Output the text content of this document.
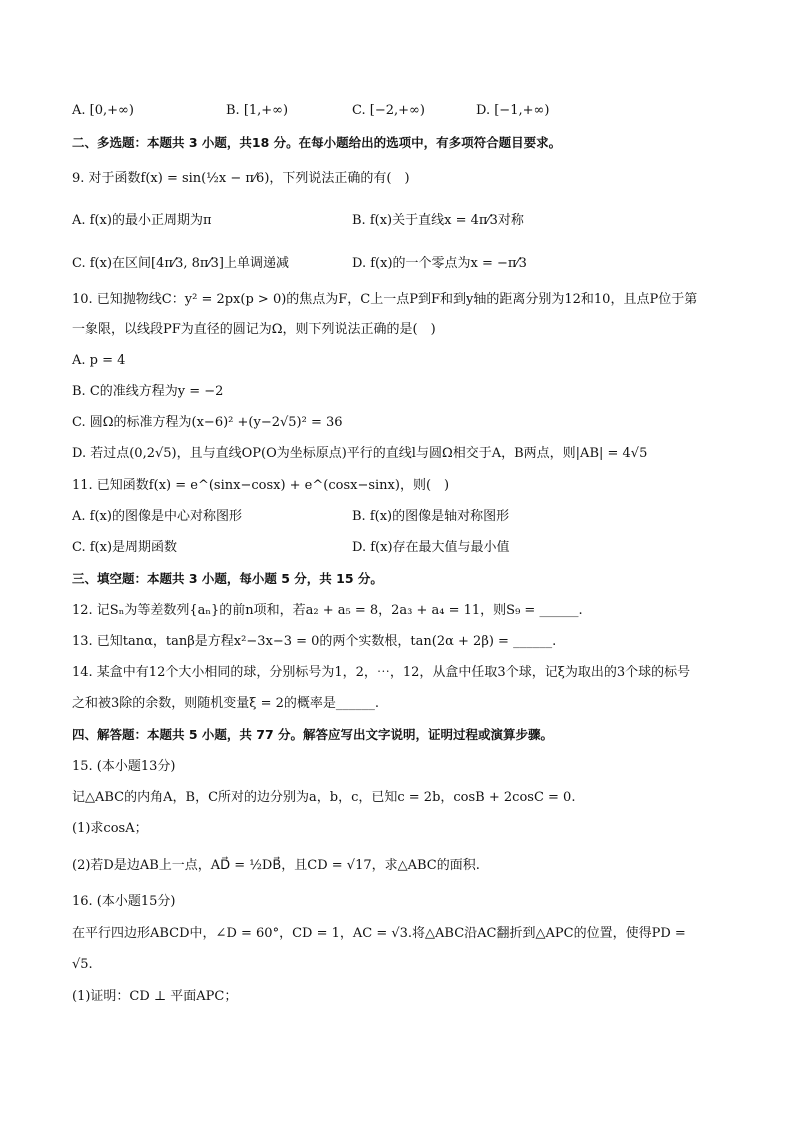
A. [0,+∞)	B. [1,+∞)	C. [−2,+∞)	D. [−1,+∞)
二、多选题：本题共 3 小题，共18 分。在每小题给出的选项中，有多项符合题目要求。
9. 对于函数f(x) = sin(½x − π⁄6)，下列说法正确的有(　)
A. f(x)的最小正周期为π	B. f(x)关于直线x = 4π⁄3对称
C. f(x)在区间[4π⁄3, 8π⁄3]上单调递减	D. f(x)的一个零点为x = −π⁄3
10. 已知抛物线C：y² = 2px(p > 0)的焦点为F，C上一点P到F和到y轴的距离分别为12和10，且点P位于第
一象限，以线段PF为直径的圆记为Ω，则下列说法正确的是(　)
A. p = 4
B. C的准线方程为y = −2
C. 圆Ω的标准方程为(x−6)² +(y−2√5)² = 36
D. 若过点(0,2√5)，且与直线OP(O为坐标原点)平行的直线l与圆Ω相交于A，B两点，则|AB| = 4√5
11. 已知函数f(x) = e^(sinx−cosx) + e^(cosx−sinx)，则(　)
A. f(x)的图像是中心对称图形	B. f(x)的图像是轴对称图形
C. f(x)是周期函数	D. f(x)存在最大值与最小值
三、填空题：本题共 3 小题，每小题 5 分，共 15 分。
12. 记Sₙ为等差数列{aₙ}的前n项和，若a₂ + a₅ = 8，2a₃ + a₄ = 11，则S₉ = ______.
13. 已知tanα，tanβ是方程x²−3x−3 = 0的两个实数根，tan(2α + 2β) = ______.
14. 某盒中有12个大小相同的球，分别标号为1，2，⋯，12，从盒中任取3个球，记ξ为取出的3个球的标号
之和被3除的余数，则随机变量ξ = 2的概率是______.
四、解答题：本题共 5 小题，共 77 分。解答应写出文字说明，证明过程或演算步骤。
15. (本小题13分)
记△ABC的内角A，B，C所对的边分别为a，b，c，已知c = 2b，cosB + 2cosC = 0.
(1)求cosA；
(2)若D是边AB上一点，AD⃗ = ½DB⃗，且CD = √17，求△ABC的面积.
16. (本小题15分)
在平行四边形ABCD中，∠D = 60°，CD = 1，AC = √3.将△ABC沿AC翻折到△APC的位置，使得PD =
√5.
(1)证明：CD ⊥ 平面APC；
